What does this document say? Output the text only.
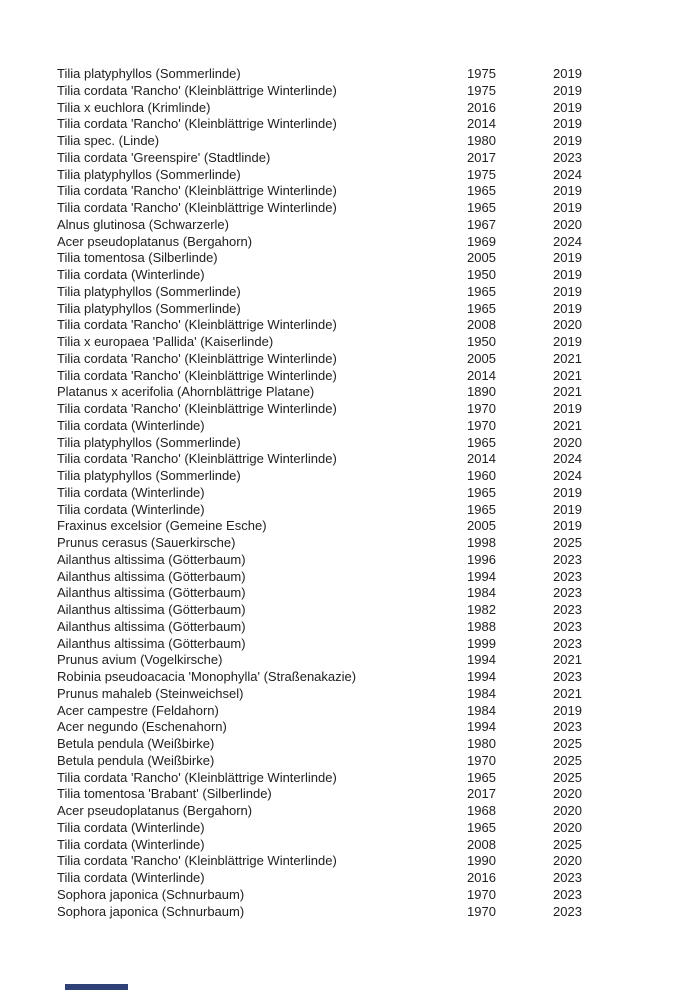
Tilia platyphyllos (Sommerlinde)	1975	2019
Tilia cordata 'Rancho' (Kleinblättrige Winterlinde)	1975	2019
Tilia x euchlora (Krimlinde)	2016	2019
Tilia cordata 'Rancho' (Kleinblättrige Winterlinde)	2014	2019
Tilia spec. (Linde)	1980	2019
Tilia cordata 'Greenspire' (Stadtlinde)	2017	2023
Tilia platyphyllos (Sommerlinde)	1975	2024
Tilia cordata 'Rancho' (Kleinblättrige Winterlinde)	1965	2019
Tilia cordata 'Rancho' (Kleinblättrige Winterlinde)	1965	2019
Alnus glutinosa (Schwarzerle)	1967	2020
Acer pseudoplatanus (Bergahorn)	1969	2024
Tilia tomentosa (Silberlinde)	2005	2019
Tilia cordata (Winterlinde)	1950	2019
Tilia platyphyllos (Sommerlinde)	1965	2019
Tilia platyphyllos (Sommerlinde)	1965	2019
Tilia cordata 'Rancho' (Kleinblättrige Winterlinde)	2008	2020
Tilia x europaea 'Pallida' (Kaiserlinde)	1950	2019
Tilia cordata 'Rancho' (Kleinblättrige Winterlinde)	2005	2021
Tilia cordata 'Rancho' (Kleinblättrige Winterlinde)	2014	2021
Platanus x acerifolia (Ahornblättrige Platane)	1890	2021
Tilia cordata 'Rancho' (Kleinblättrige Winterlinde)	1970	2019
Tilia cordata (Winterlinde)	1970	2021
Tilia platyphyllos (Sommerlinde)	1965	2020
Tilia cordata 'Rancho' (Kleinblättrige Winterlinde)	2014	2024
Tilia platyphyllos (Sommerlinde)	1960	2024
Tilia cordata (Winterlinde)	1965	2019
Tilia cordata (Winterlinde)	1965	2019
Fraxinus excelsior (Gemeine Esche)	2005	2019
Prunus cerasus (Sauerkirsche)	1998	2025
Ailanthus altissima (Götterbaum)	1996	2023
Ailanthus altissima (Götterbaum)	1994	2023
Ailanthus altissima (Götterbaum)	1984	2023
Ailanthus altissima (Götterbaum)	1982	2023
Ailanthus altissima (Götterbaum)	1988	2023
Ailanthus altissima (Götterbaum)	1999	2023
Prunus avium (Vogelkirsche)	1994	2021
Robinia pseudoacacia 'Monophylla' (Straßenakazie)	1994	2023
Prunus mahaleb (Steinweichsel)	1984	2021
Acer campestre (Feldahorn)	1984	2019
Acer negundo (Eschenahorn)	1994	2023
Betula pendula (Weißbirke)	1980	2025
Betula pendula (Weißbirke)	1970	2025
Tilia cordata 'Rancho' (Kleinblättrige Winterlinde)	1965	2025
Tilia tomentosa 'Brabant' (Silberlinde)	2017	2020
Acer pseudoplatanus (Bergahorn)	1968	2020
Tilia cordata (Winterlinde)	1965	2020
Tilia cordata (Winterlinde)	2008	2025
Tilia cordata 'Rancho' (Kleinblättrige Winterlinde)	1990	2020
Tilia cordata (Winterlinde)	2016	2023
Sophora japonica (Schnurbaum)	1970	2023
Sophora japonica (Schnurbaum)	1970	2023
